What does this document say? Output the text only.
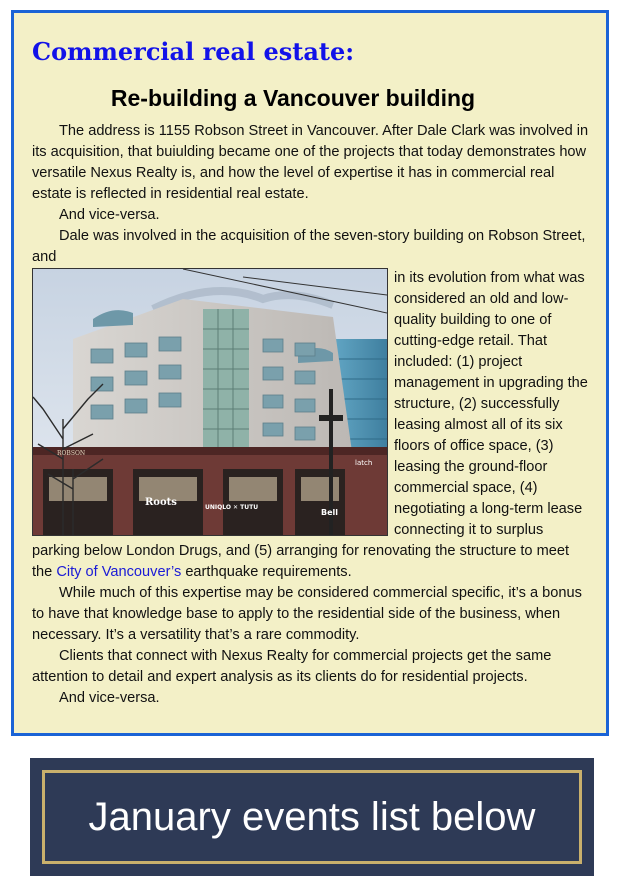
Commercial real estate:
Re-building a Vancouver building

The address is 1155 Robson Street in Vancouver. After Dale Clark was involved in its acquisition, that buiulding became one of the projects that today demonstrates how versatile Nexus Realty is, and how the level of expertise it has in commercial real estate is reflected in residential real estate.

And vice-versa.

Dale was involved in the acquisition of the seven-story building on Robson Street, and

Roots	UNIQLO ✕ TUTU
Bell
ROBSON
latch
in its evolution from what was considered an old and low-quality building to one of cutting-edge retail. That included: (1) project management in upgrading the structure, (2) successfully leasing almost all of its six floors of office space, (3) leasing the ground-floor commercial space, (4) negotiating a long-term lease connecting it to surplus parking below London Drugs, and (5) arranging for renovating the structure to meet the City of Vancouver’s earthquake requirements.

While much of this expertise may be considered commercial specific, it’s a bonus to have that knowledge base to apply to the residential side of the business, when necessary. It’s a versatility that’s a rare commodity.

Clients that connect with Nexus Realty for commercial projects get the same attention to detail and expert analysis as its clients do for residential projects.

And vice-versa.

January events list below
